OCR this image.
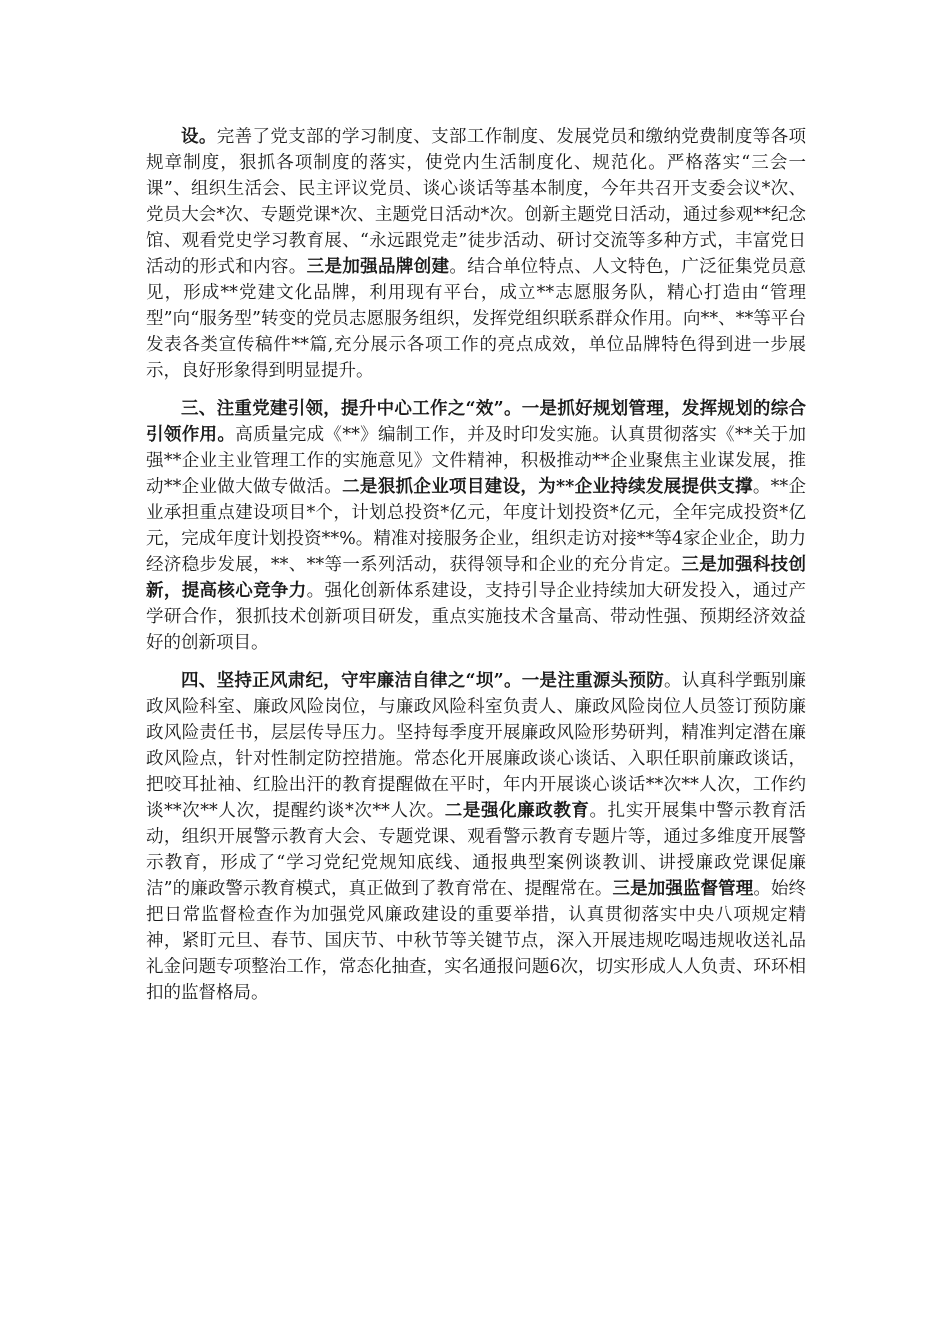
设。完善了党支部的学习制度、支部工作制度、发展党员和缴纳党费制度等各项规章制度，狠抓各项制度的落实，使党内生活制度化、规范化。严格落实“三会一课”、组织生活会、民主评议党员、谈心谈话等基本制度，今年共召开支委会议*次、党员大会*次、专题党课*次、主题党日活动*次。创新主题党日活动，通过参观**纪念馆、观看党史学习教育展、“永远跟党走”徒步活动、研讨交流等多种方式，丰富党日活动的形式和内容。三是加强品牌创建。结合单位特点、人文特色，广泛征集党员意见，形成**党建文化品牌，利用现有平台，成立**志愿服务队，精心打造由“管理型”向“服务型”转变的党员志愿服务组织，发挥党组织联系群众作用。向**、**等平台发表各类宣传稿件**篇,充分展示各项工作的亮点成效，单位品牌特色得到进一步展示，良好形象得到明显提升。

三、注重党建引领，提升中心工作之“效”。一是抓好规划管理，发挥规划的综合引领作用。高质量完成《**》编制工作，并及时印发实施。认真贯彻落实《**关于加强**企业主业管理工作的实施意见》文件精神，积极推动**企业聚焦主业谋发展，推动**企业做大做专做活。二是狠抓企业项目建设，为**企业持续发展提供支撑。**企业承担重点建设项目*个，计划总投资*亿元，年度计划投资*亿元，全年完成投资*亿元，完成年度计划投资**%。精准对接服务企业，组织走访对接**等4家企业企，助力经济稳步发展，**、**等一系列活动，获得领导和企业的充分肯定。三是加强科技创新，提高核心竞争力。强化创新体系建设，支持引导企业持续加大研发投入，通过产学研合作，狠抓技术创新项目研发，重点实施技术含量高、带动性强、预期经济效益好的创新项目。

四、坚持正风肃纪，守牢廉洁自律之“坝”。一是注重源头预防。认真科学甄别廉政风险科室、廉政风险岗位，与廉政风险科室负责人、廉政风险岗位人员签订预防廉政风险责任书，层层传导压力。坚持每季度开展廉政风险形势研判，精准判定潜在廉政风险点，针对性制定防控措施。常态化开展廉政谈心谈话、入职任职前廉政谈话，把咬耳扯袖、红脸出汗的教育提醒做在平时，年内开展谈心谈话**次**人次，工作约谈**次**人次，提醒约谈*次**人次。二是强化廉政教育。扎实开展集中警示教育活动，组织开展警示教育大会、专题党课、观看警示教育专题片等，通过多维度开展警示教育，形成了“学习党纪党规知底线、通报典型案例谈教训、讲授廉政党课促廉洁”的廉政警示教育模式，真正做到了教育常在、提醒常在。三是加强监督管理。始终把日常监督检查作为加强党风廉政建设的重要举措，认真贯彻落实中央八项规定精神，紧盯元旦、春节、国庆节、中秋节等关键节点，深入开展违规吃喝违规收送礼品礼金问题专项整治工作，常态化抽查，实名通报问题6次，切实形成人人负责、环环相扣的监督格局。
